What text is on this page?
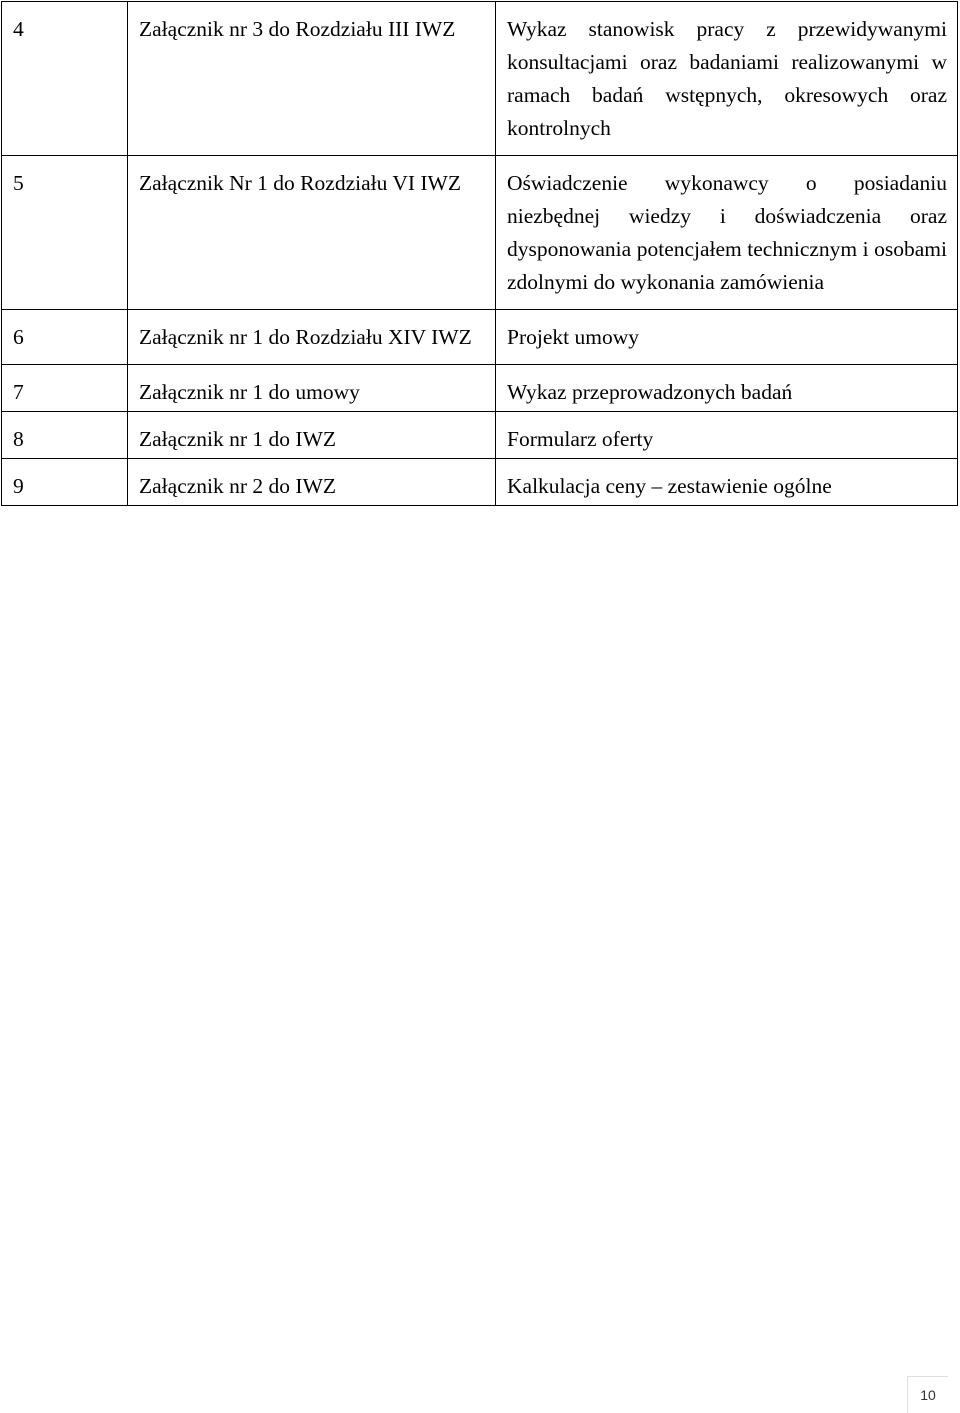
4	Załącznik nr 3 do Rozdziału III IWZ	Wykaz stanowisk pracy z przewidywanymi konsultacjami oraz badaniami realizowanymi w ramach badań wstępnych, okresowych oraz kontrolnych
5	Załącznik Nr 1 do Rozdziału VI IWZ	Oświadczenie wykonawcy o posiadaniu niezbędnej wiedzy i doświadczenia oraz dysponowania potencjałem technicznym i osobami zdolnymi do wykonania zamówienia
6	Załącznik nr 1 do Rozdziału XIV IWZ	Projekt umowy
7	Załącznik nr 1 do umowy	Wykaz przeprowadzonych badań
8	Załącznik nr 1 do IWZ	Formularz oferty
9	Załącznik nr 2 do IWZ	Kalkulacja ceny – zestawienie ogólne
10
